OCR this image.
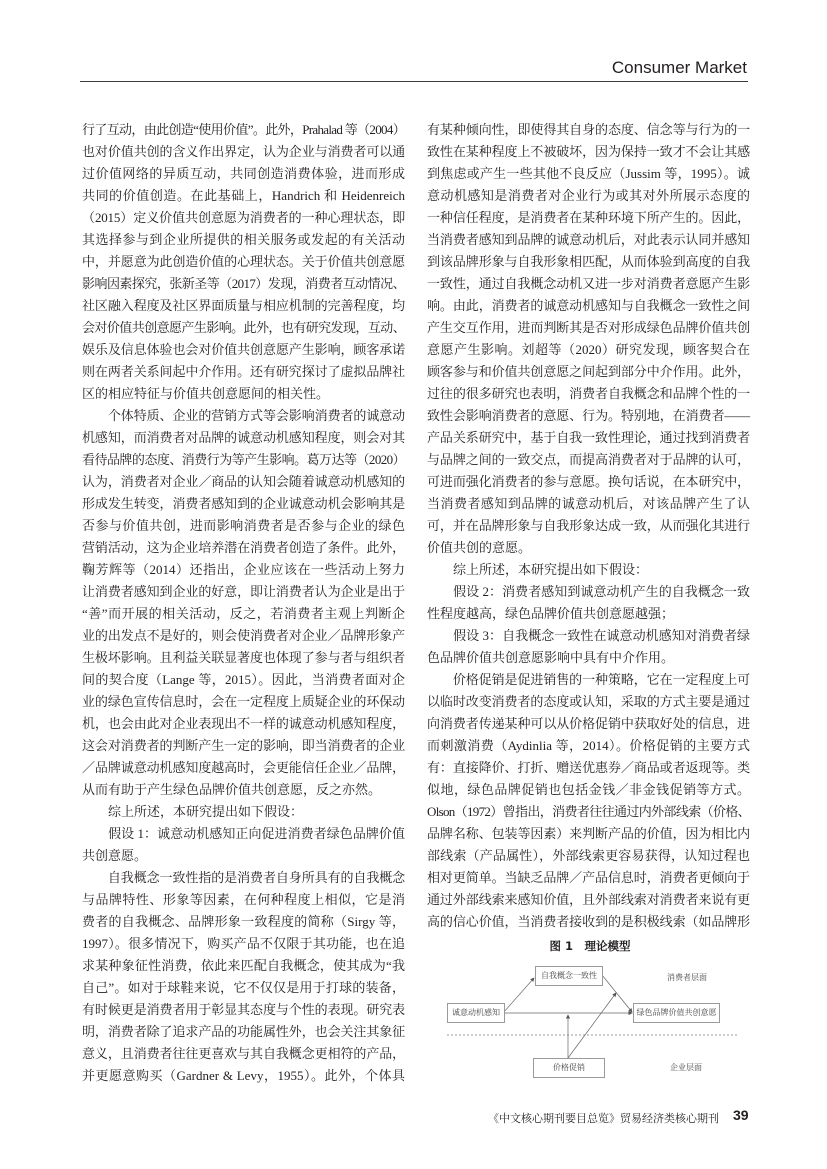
Consumer Market
行了互动，由此创造“使用价值”。此外，Prahalad 等（2004）
也对价值共创的含义作出界定，认为企业与消费者可以通
过价值网络的异质互动，共同创造消费体验，进而形成
共同的价值创造。在此基础上，Handrich 和 Heidenreich
（2015）定义价值共创意愿为消费者的一种心理状态，即
其选择参与到企业所提供的相关服务或发起的有关活动
中，并愿意为此创造价值的心理状态。关于价值共创意愿
影响因素探究，张新圣等（2017）发现，消费者互动情况、
社区融入程度及社区界面质量与相应机制的完善程度，均
会对价值共创意愿产生影响。此外，也有研究发现，互动、
娱乐及信息体验也会对价值共创意愿产生影响，顾客承诺
则在两者关系间起中介作用。还有研究探讨了虚拟品牌社
区的相应特征与价值共创意愿间的相关性。
　　个体特质、企业的营销方式等会影响消费者的诚意动
机感知，而消费者对品牌的诚意动机感知程度，则会对其
看待品牌的态度、消费行为等产生影响。葛万达等（2020）
认为，消费者对企业／商品的认知会随着诚意动机感知的
形成发生转变，消费者感知到的企业诚意动机会影响其是
否参与价值共创，进而影响消费者是否参与企业的绿色
营销活动，这为企业培养潜在消费者创造了条件。此外，
鞠芳辉等（2014）还指出，企业应该在一些活动上努力
让消费者感知到企业的好意，即让消费者认为企业是出于
“善”而开展的相关活动，反之，若消费者主观上判断企
业的出发点不是好的，则会使消费者对企业／品牌形象产
生极坏影响。且利益关联显著度也体现了参与者与组织者
间的契合度（Lange 等，2015）。因此，当消费者面对企
业的绿色宣传信息时，会在一定程度上质疑企业的环保动
机，也会由此对企业表现出不一样的诚意动机感知程度，
这会对消费者的判断产生一定的影响，即当消费者的企业
／品牌诚意动机感知度越高时，会更能信任企业／品牌，
从而有助于产生绿色品牌价值共创意愿，反之亦然。
　　综上所述，本研究提出如下假设：
　　假设 1：诚意动机感知正向促进消费者绿色品牌价值
共创意愿。
　　自我概念一致性指的是消费者自身所具有的自我概念
与品牌特性、形象等因素，在何种程度上相似，它是消
费者的自我概念、品牌形象一致程度的简称（Sirgy 等，
1997）。很多情况下，购买产品不仅限于其功能，也在追
求某种象征性消费，依此来匹配自我概念，使其成为“我
自己”。如对于球鞋来说，它不仅仅是用于打球的装备，
有时候更是消费者用于彰显其态度与个性的表现。研究表
明，消费者除了追求产品的功能属性外，也会关注其象征
意义，且消费者往往更喜欢与其自我概念更相符的产品，
并更愿意购买（Gardner & Levy，1955）。此外，个体具
有某种倾向性，即使得其自身的态度、信念等与行为的一
致性在某种程度上不被破坏，因为保持一致才不会让其感
到焦虑或产生一些其他不良反应（Jussim 等，1995）。诚
意动机感知是消费者对企业行为或其对外所展示态度的
一种信任程度，是消费者在某种环境下所产生的。因此，
当消费者感知到品牌的诚意动机后，对此表示认同并感知
到该品牌形象与自我形象相匹配，从而体验到高度的自我
一致性，通过自我概念动机又进一步对消费者意愿产生影
响。由此，消费者的诚意动机感知与自我概念一致性之间
产生交互作用，进而判断其是否对形成绿色品牌价值共创
意愿产生影响。刘超等（2020）研究发现，顾客契合在
顾客参与和价值共创意愿之间起到部分中介作用。此外，
过往的很多研究也表明，消费者自我概念和品牌个性的一
致性会影响消费者的意愿、行为。特别地，在消费者——
产品关系研究中，基于自我一致性理论，通过找到消费者
与品牌之间的一致交点，而提高消费者对于品牌的认可，
可进而强化消费者的参与意愿。换句话说，在本研究中，
当消费者感知到品牌的诚意动机后，对该品牌产生了认
可，并在品牌形象与自我形象达成一致，从而强化其进行
价值共创的意愿。
　　综上所述，本研究提出如下假设：
　　假设 2：消费者感知到诚意动机产生的自我概念一致
性程度越高，绿色品牌价值共创意愿越强；
　　假设 3：自我概念一致性在诚意动机感知对消费者绿
色品牌价值共创意愿影响中具有中介作用。
　　价格促销是促进销售的一种策略，它在一定程度上可
以临时改变消费者的态度或认知，采取的方式主要是通过
向消费者传递某种可以从价格促销中获取好处的信息，进
而刺激消费（Aydinlia 等，2014）。价格促销的主要方式
有：直接降价、打折、赠送优惠券／商品或者返现等。类
似地，绿色品牌促销也包括金钱／非金钱促销等方式。
Olson（1972）曾指出，消费者往往通过内外部线索（价格、
品牌名称、包装等因素）来判断产品的价值，因为相比内
部线索（产品属性），外部线索更容易获得，认知过程也
相对更简单。当缺乏品牌／产品信息时，消费者更倾向于
通过外部线索来感知价值，且外部线索对消费者来说有更
高的信心价值，当消费者接收到的是积极线索（如品牌形
图 1　理论模型
自我概念一致性
诚意动机感知	绿色品牌价值共创意愿
价格促销
消费者层面
企业层面
《中文核心期刊要目总览》贸易经济类核心期刊 39
